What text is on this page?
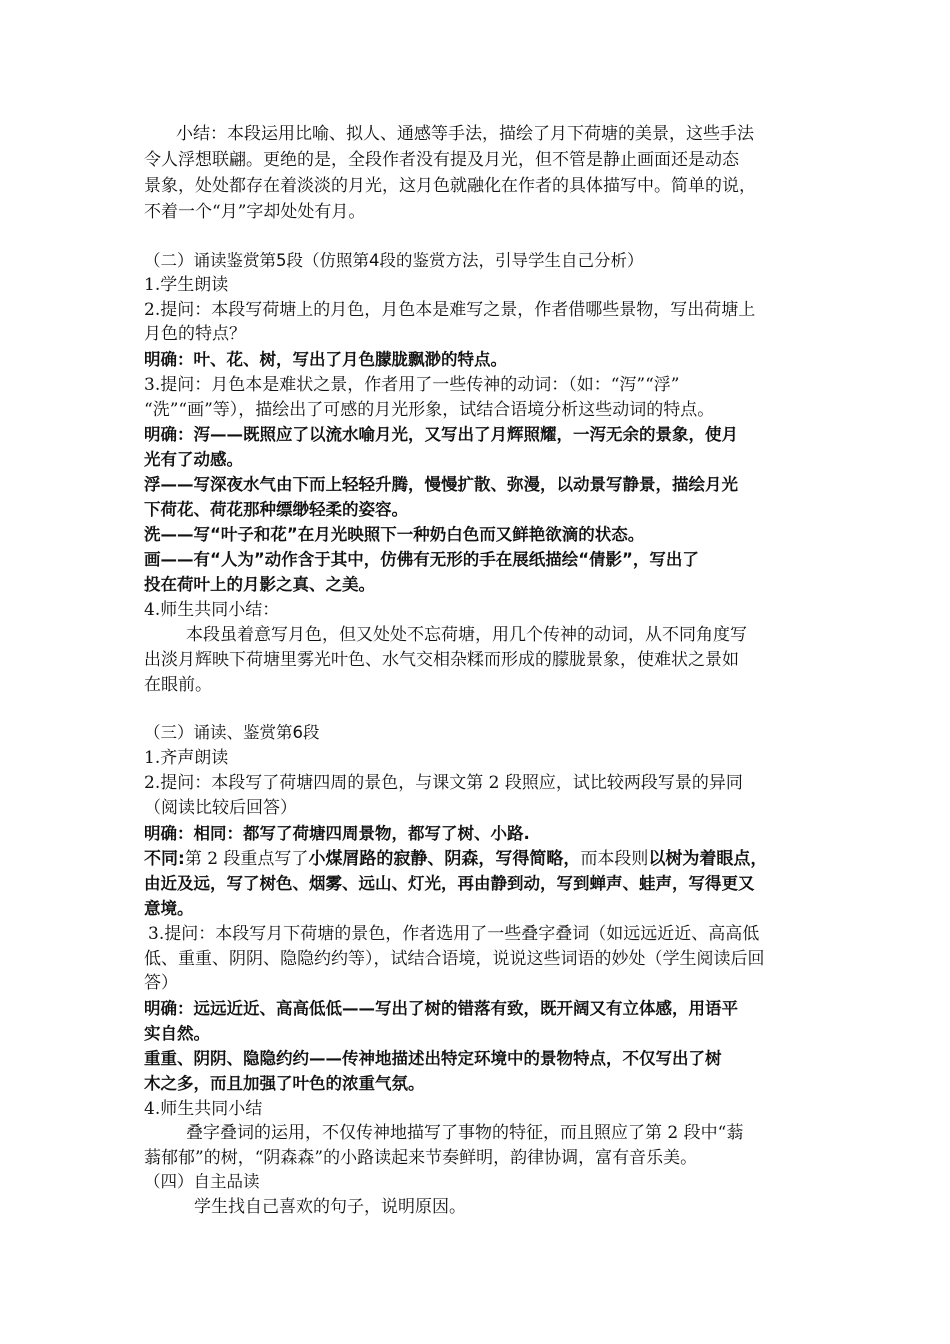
小结：本段运用比喻、拟人、通感等手法，描绘了月下荷塘的美景，这些手法
令人浮想联翩。更绝的是，全段作者没有提及月光，但不管是静止画面还是动态
景象，处处都存在着淡淡的月光，这月色就融化在作者的具体描写中。简单的说，
不着一个“月”字却处处有月。
（二）诵读鉴赏第5段（仿照第4段的鉴赏方法，引导学生自己分析）
1.学生朗读
2.提问：本段写荷塘上的月色，月色本是难写之景，作者借哪些景物，写出荷塘上
月色的特点？
明确：叶、花、树，写出了月色朦胧飘渺的特点。
3.提问：月色本是难状之景，作者用了一些传神的动词：（如：“泻”“浮”
“洗”“画”等），描绘出了可感的月光形象，试结合语境分析这些动词的特点。
明确：泻——既照应了以流水喻月光，又写出了月辉照耀，一泻无余的景象，使月
光有了动感。
浮——写深夜水气由下而上轻轻升腾，慢慢扩散、弥漫，以动景写静景，描绘月光
下荷花、荷花那种缥缈轻柔的姿容。
洗——写“叶子和花”在月光映照下一种奶白色而又鲜艳欲滴的状态。
画——有“人为”动作含于其中，仿佛有无形的手在展纸描绘“倩影”，写出了
投在荷叶上的月影之真、之美。
4.师生共同小结：
本段虽着意写月色，但又处处不忘荷塘，用几个传神的动词，从不同角度写
出淡月辉映下荷塘里雾光叶色、水气交相杂糅而形成的朦胧景象，使难状之景如
在眼前。
（三）诵读、鉴赏第6段
1.齐声朗读
2.提问：本段写了荷塘四周的景色，与课文第 2 段照应，试比较两段写景的异同
（阅读比较后回答）
明确：相同：都写了荷塘四周景物，都写了树、小路.
不同:第 2 段重点写了小煤屑路的寂静、阴森，写得简略，而本段则以树为着眼点，
由近及远，写了树色、烟雾、远山、灯光，再由静到动，写到蝉声、蛙声，写得更又
意境。
3.提问：本段写月下荷塘的景色，作者选用了一些叠字叠词（如远远近近、高高低
低、重重、阴阴、隐隐约约等），试结合语境，说说这些词语的妙处（学生阅读后回
答）
明确：远远近近、高高低低——写出了树的错落有致，既开阔又有立体感，用语平
实自然。
重重、阴阴、隐隐约约——传神地描述出特定环境中的景物特点，不仅写出了树
木之多，而且加强了叶色的浓重气氛。
4.师生共同小结
叠字叠词的运用，不仅传神地描写了事物的特征，而且照应了第 2 段中“蓊
蓊郁郁”的树，“阴森森”的小路读起来节奏鲜明，韵律协调，富有音乐美。
（四）自主品读
学生找自己喜欢的句子，说明原因。
